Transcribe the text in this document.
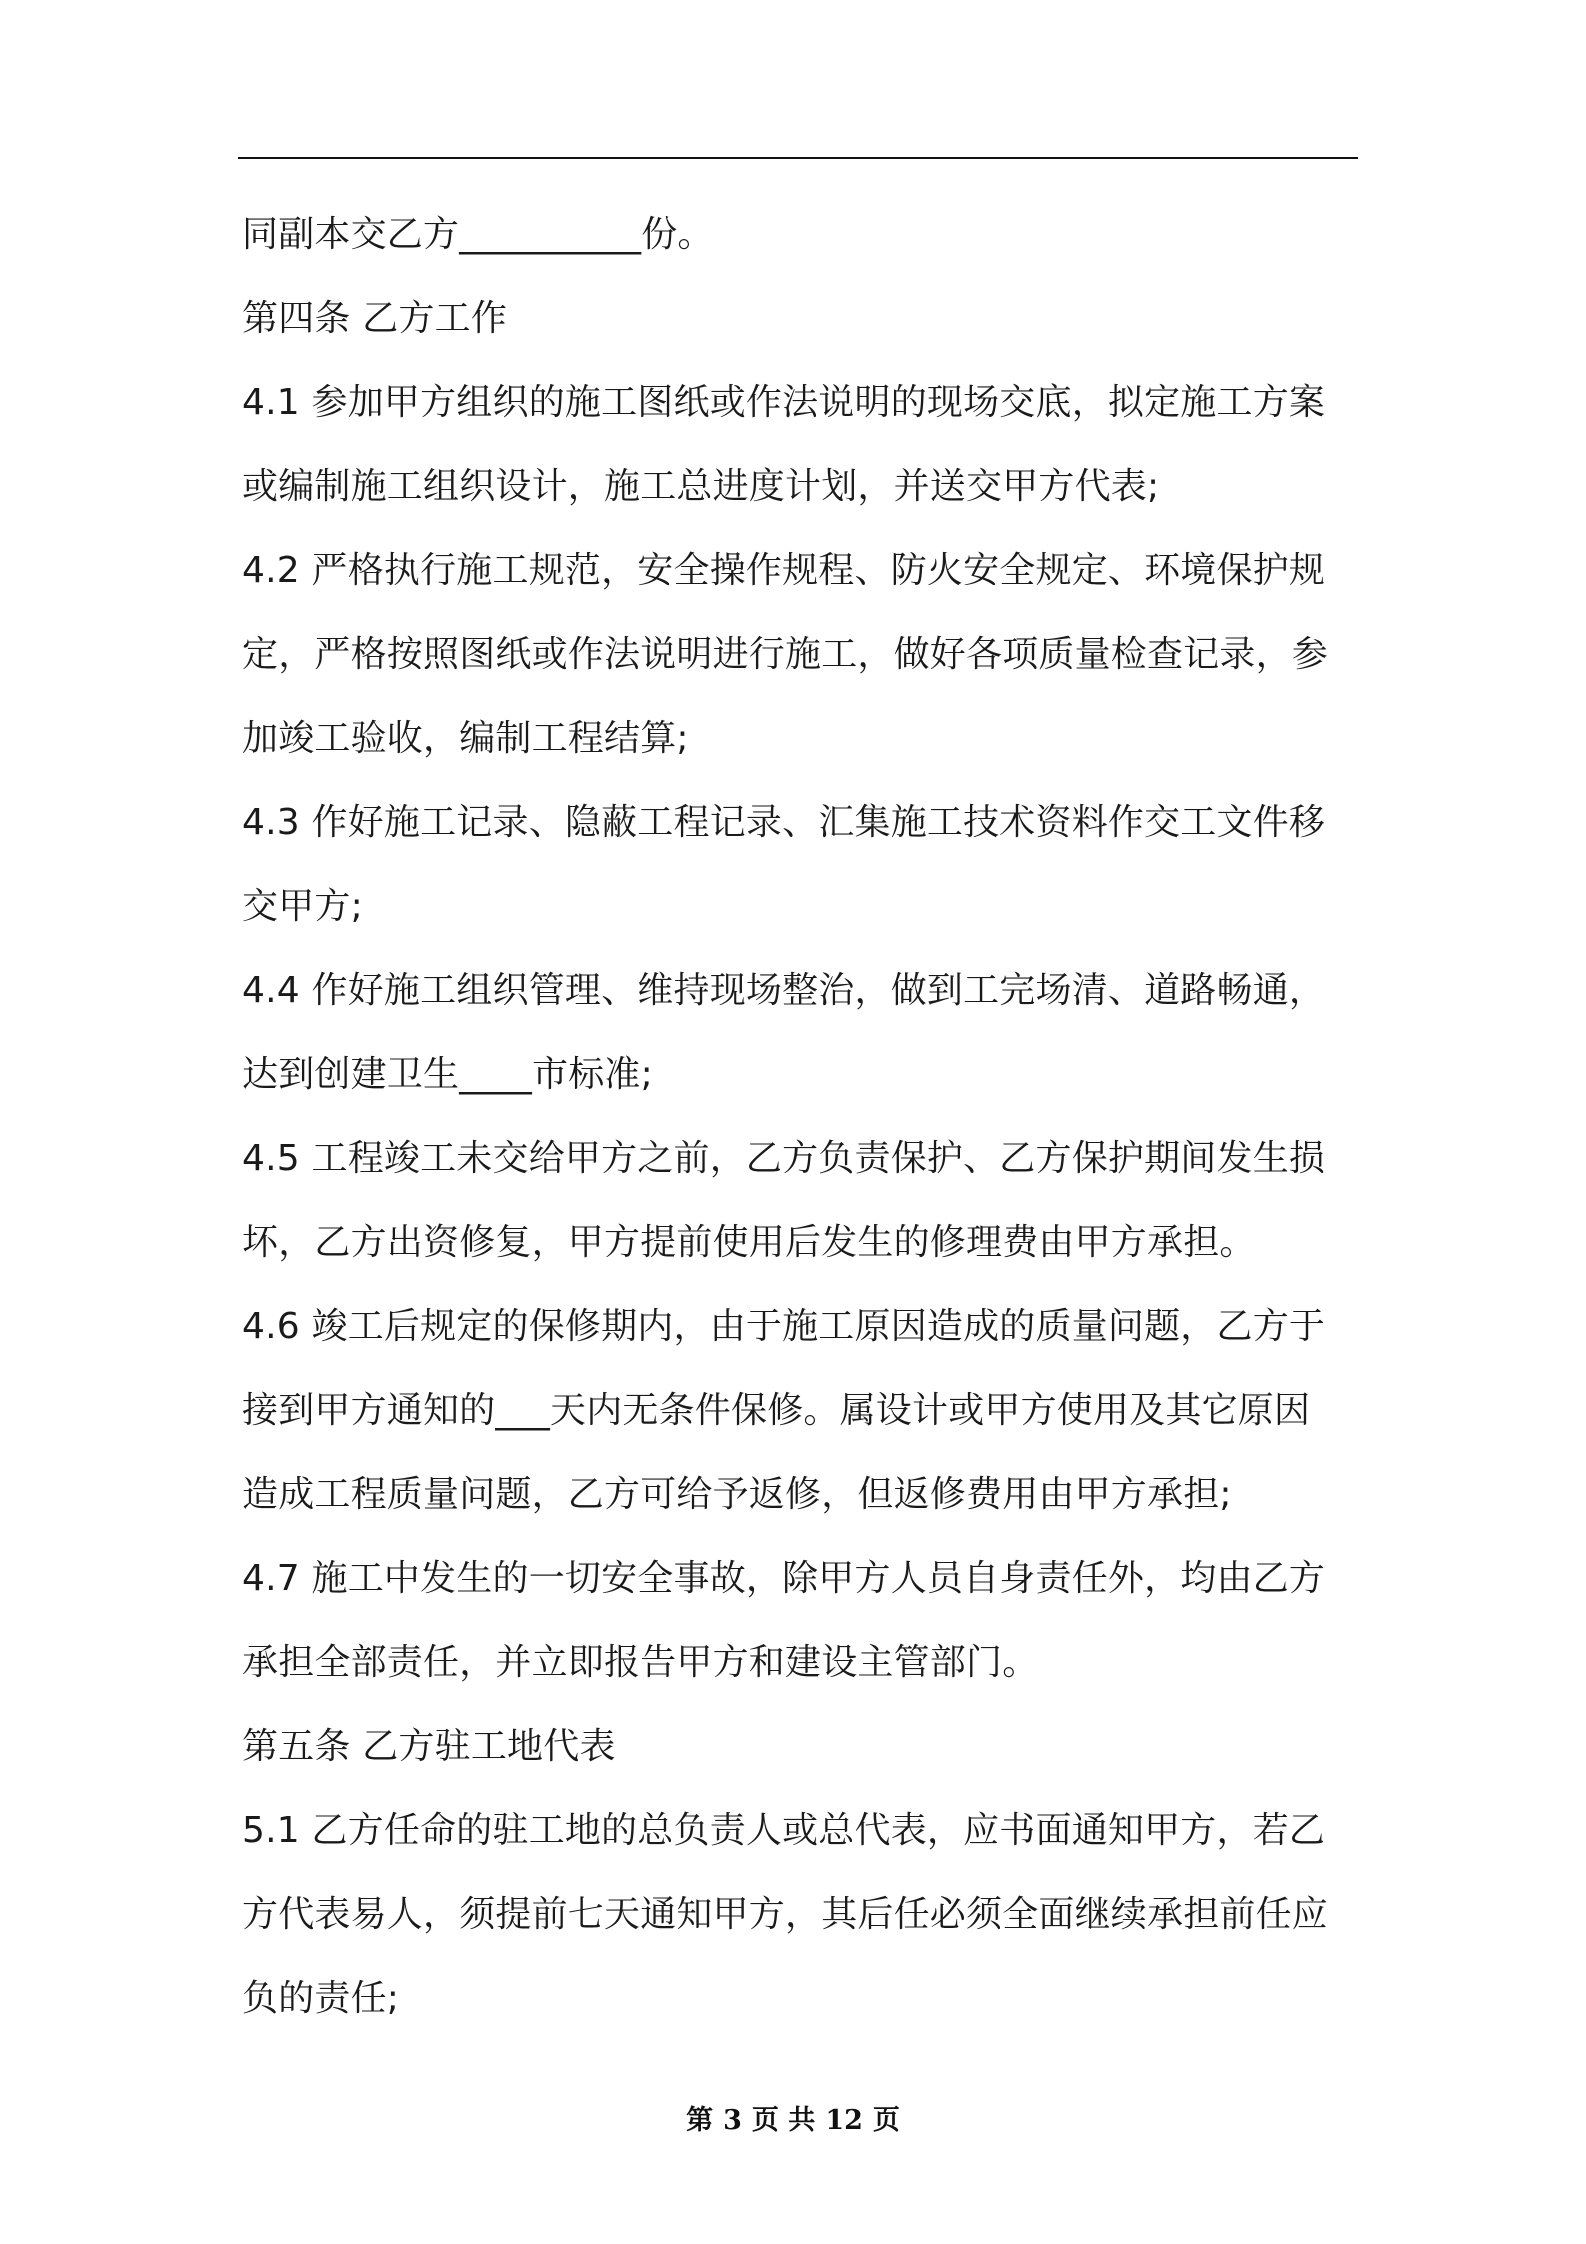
同副本交乙方__________份。
第四条 乙方工作
4.1 参加甲方组织的施工图纸或作法说明的现场交底，拟定施工方案
或编制施工组织设计，施工总进度计划，并送交甲方代表;
4.2 严格执行施工规范，安全操作规程、防火安全规定、环境保护规
定，严格按照图纸或作法说明进行施工，做好各项质量检查记录，参
加竣工验收，编制工程结算;
4.3 作好施工记录、隐蔽工程记录、汇集施工技术资料作交工文件移
交甲方;
4.4 作好施工组织管理、维持现场整治，做到工完场清、道路畅通，
达到创建卫生____市标准;
4.5 工程竣工未交给甲方之前，乙方负责保护、乙方保护期间发生损
坏，乙方出资修复，甲方提前使用后发生的修理费由甲方承担。
4.6 竣工后规定的保修期内，由于施工原因造成的质量问题，乙方于
接到甲方通知的___天内无条件保修。属设计或甲方使用及其它原因
造成工程质量问题，乙方可给予返修，但返修费用由甲方承担;
4.7 施工中发生的一切安全事故，除甲方人员自身责任外，均由乙方
承担全部责任，并立即报告甲方和建设主管部门。
第五条 乙方驻工地代表
5.1 乙方任命的驻工地的总负责人或总代表，应书面通知甲方，若乙
方代表易人，须提前七天通知甲方，其后任必须全面继续承担前任应
负的责任;
第 3 页 共 12 页
